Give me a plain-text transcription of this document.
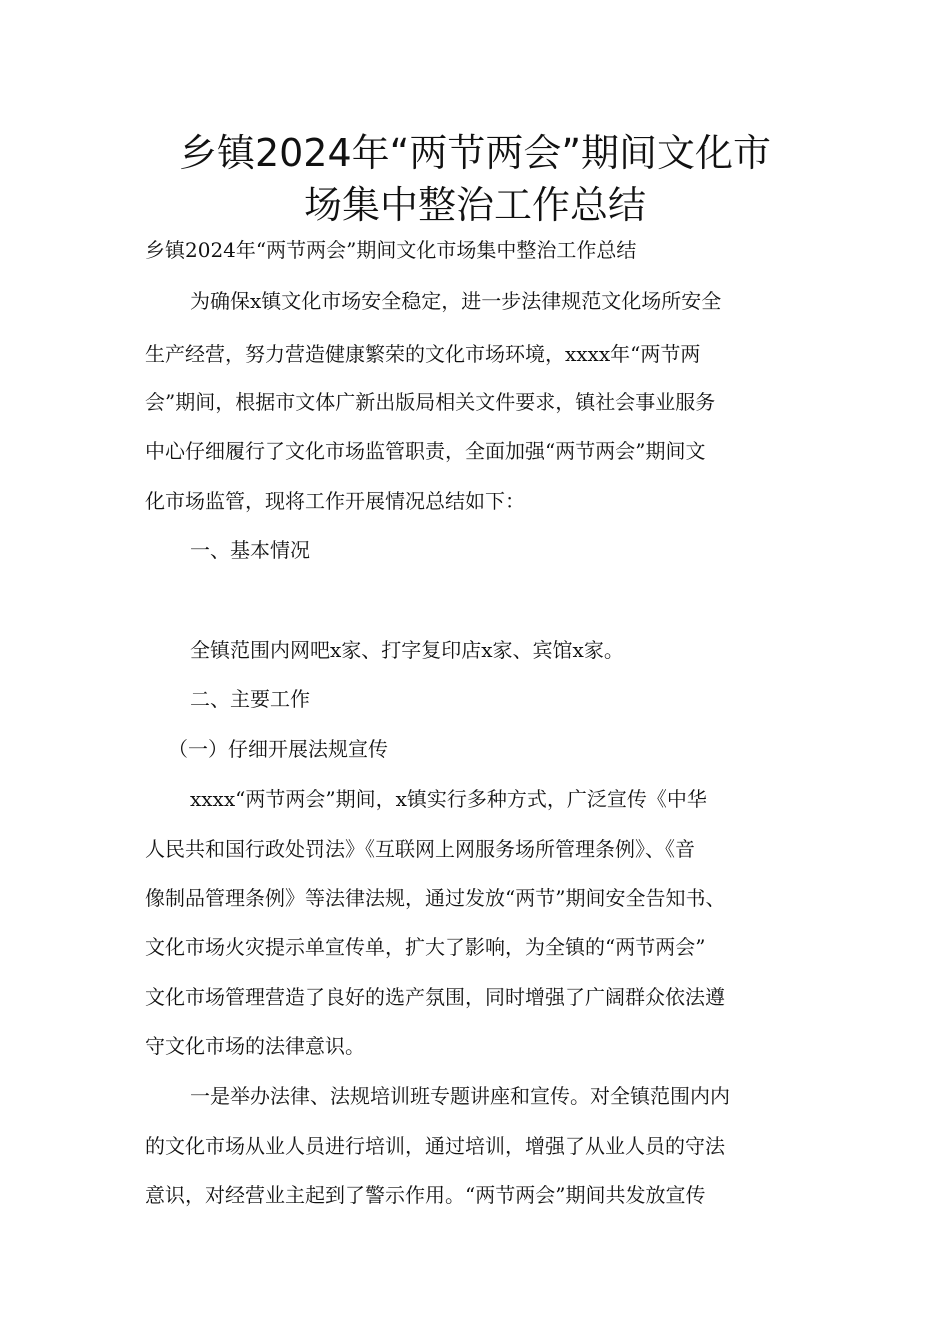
乡镇2024年“两节两会”期间文化市
场集中整治工作总结
乡镇2024年“两节两会”期间文化市场集中整治工作总结
为确保x镇文化市场安全稳定，进一步法律规范文化场所安全
生产经营，努力营造健康繁荣的文化市场环境，xxxx年“两节两
会”期间，根据市文体广新出版局相关文件要求，镇社会事业服务
中心仔细履行了文化市场监管职责，全面加强“两节两会”期间文
化市场监管，现将工作开展情况总结如下：
一、基本情况
全镇范围内网吧x家、打字复印店x家、宾馆x家。
二、主要工作
（一）仔细开展法规宣传
xxxx“两节两会”期间，x镇实行多种方式，广泛宣传《中华
人民共和国行政处罚法》《互联网上网服务场所管理条例》、《音
像制品管理条例》等法律法规，通过发放“两节”期间安全告知书、
文化市场火灾提示单宣传单，扩大了影响，为全镇的“两节两会”
文化市场管理营造了良好的选产氛围，同时增强了广阔群众依法遵
守文化市场的法律意识。
一是举办法律、法规培训班专题讲座和宣传。对全镇范围内内
的文化市场从业人员进行培训，通过培训，增强了从业人员的守法
意识，对经营业主起到了警示作用。“两节两会”期间共发放宣传
